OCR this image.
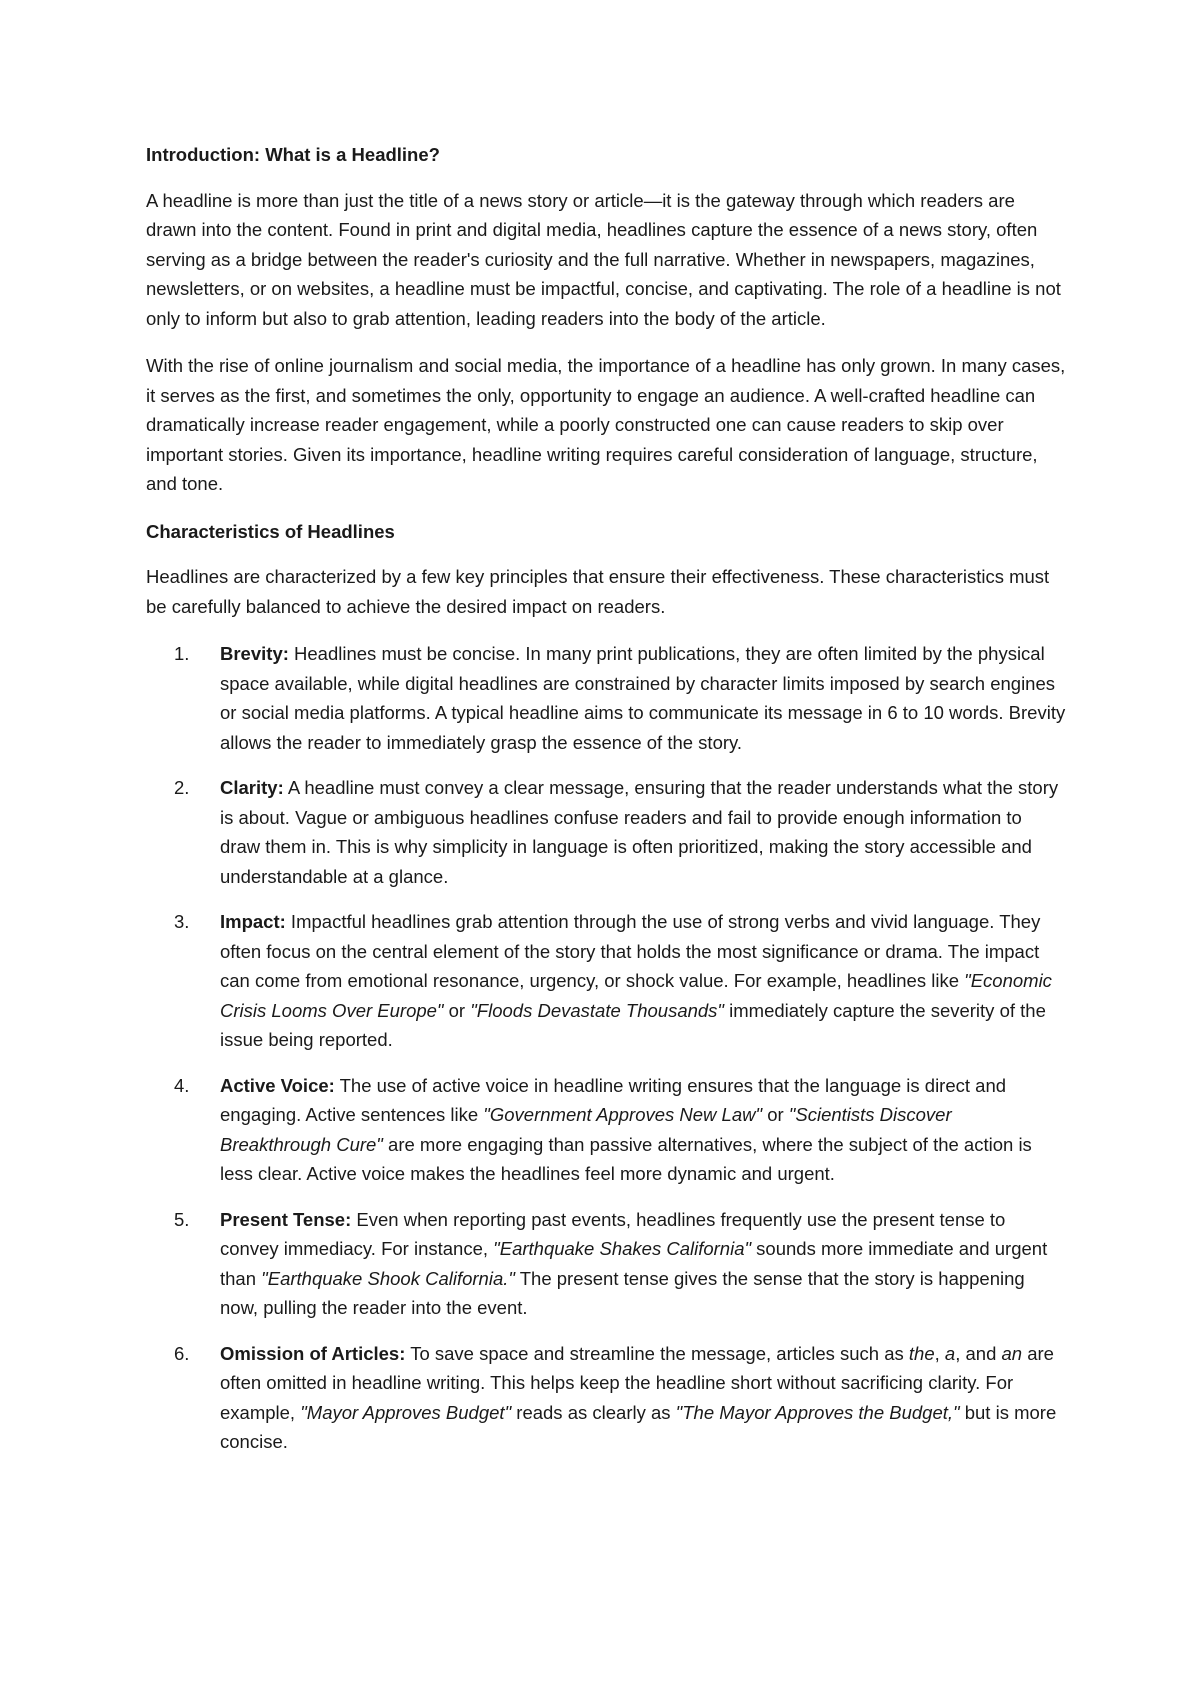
Introduction: What is a Headline?

A headline is more than just the title of a news story or article—it is the gateway through which readers are drawn into the content. Found in print and digital media, headlines capture the essence of a news story, often serving as a bridge between the reader's curiosity and the full narrative. Whether in newspapers, magazines, newsletters, or on websites, a headline must be impactful, concise, and captivating. The role of a headline is not only to inform but also to grab attention, leading readers into the body of the article.

With the rise of online journalism and social media, the importance of a headline has only grown. In many cases, it serves as the first, and sometimes the only, opportunity to engage an audience. A well-crafted headline can dramatically increase reader engagement, while a poorly constructed one can cause readers to skip over important stories. Given its importance, headline writing requires careful consideration of language, structure, and tone.

Characteristics of Headlines

Headlines are characterized by a few key principles that ensure their effectiveness. These characteristics must be carefully balanced to achieve the desired impact on readers.

1. Brevity: Headlines must be concise. In many print publications, they are often limited by the physical space available, while digital headlines are constrained by character limits imposed by search engines or social media platforms. A typical headline aims to communicate its message in 6 to 10 words. Brevity allows the reader to immediately grasp the essence of the story.
2. Clarity: A headline must convey a clear message, ensuring that the reader understands what the story is about. Vague or ambiguous headlines confuse readers and fail to provide enough information to draw them in. This is why simplicity in language is often prioritized, making the story accessible and understandable at a glance.
3. Impact: Impactful headlines grab attention through the use of strong verbs and vivid language. They often focus on the central element of the story that holds the most significance or drama. The impact can come from emotional resonance, urgency, or shock value. For example, headlines like "Economic Crisis Looms Over Europe" or "Floods Devastate Thousands" immediately capture the severity of the issue being reported.
4. Active Voice: The use of active voice in headline writing ensures that the language is direct and engaging. Active sentences like "Government Approves New Law" or "Scientists Discover Breakthrough Cure" are more engaging than passive alternatives, where the subject of the action is less clear. Active voice makes the headlines feel more dynamic and urgent.
5. Present Tense: Even when reporting past events, headlines frequently use the present tense to convey immediacy. For instance, "Earthquake Shakes California" sounds more immediate and urgent than "Earthquake Shook California." The present tense gives the sense that the story is happening now, pulling the reader into the event.
6. Omission of Articles: To save space and streamline the message, articles such as the, a, and an are often omitted in headline writing. This helps keep the headline short without sacrificing clarity. For example, "Mayor Approves Budget" reads as clearly as "The Mayor Approves the Budget," but is more concise.
